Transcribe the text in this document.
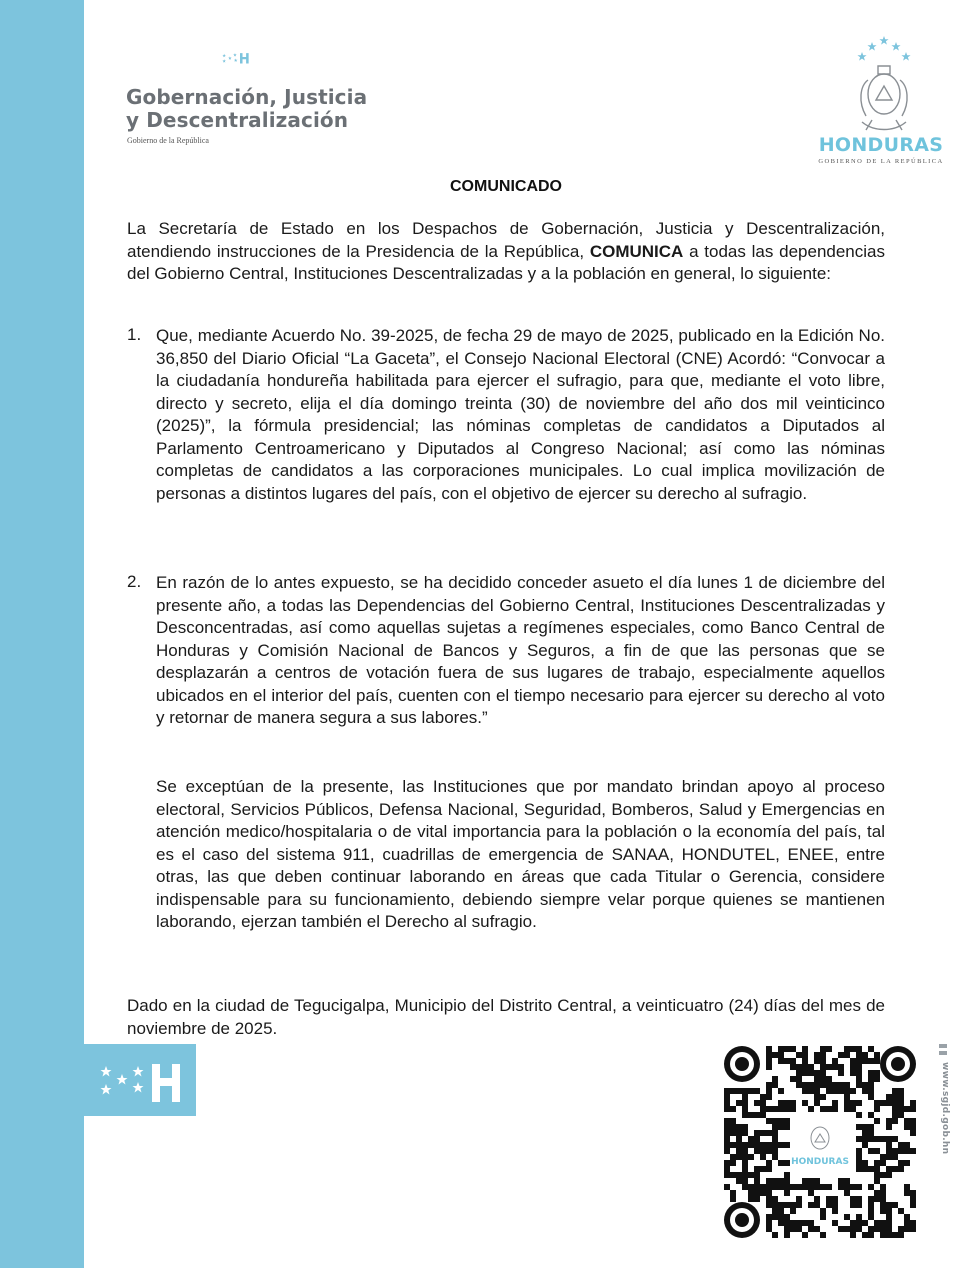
Gobernación, Justicia
y Descentralización
Gobierno de la República	HONDURAS
GOBIERNO DE LA REPÚBLICA
COMUNICADO
La Secretaría de Estado en los Despachos de Gobernación, Justicia y Descentralización, atendiendo instrucciones de la Presidencia de la República, COMUNICA a todas las dependencias del Gobierno Central, Instituciones Descentralizadas y a la población en general, lo siguiente:
1. Que, mediante Acuerdo No. 39-2025, de fecha 29 de mayo de 2025, publicado en la Edición No. 36,850 del Diario Oficial “La Gaceta”, el Consejo Nacional Electoral (CNE) Acordó: “Convocar a la ciudadanía hondureña habilitada para ejercer el sufragio, para que, mediante el voto libre, directo y secreto, elija el día domingo treinta (30) de noviembre del año dos mil veinticinco (2025)”, la fórmula presidencial; las nóminas completas de candidatos a Diputados al Parlamento Centroamericano y Diputados al Congreso Nacional; así como las nóminas completas de candidatos a las corporaciones municipales. Lo cual implica movilización de personas a distintos lugares del país, con el objetivo de ejercer su derecho al sufragio.
2. En razón de lo antes expuesto, se ha decidido conceder asueto el día lunes 1 de diciembre del presente año, a todas las Dependencias del Gobierno Central, Instituciones Descentralizadas y Desconcentradas, así como aquellas sujetas a regímenes especiales, como Banco Central de Honduras y Comisión Nacional de Bancos y Seguros, a fin de que las personas que se desplazarán a centros de votación fuera de sus lugares de trabajo, especialmente aquellos ubicados en el interior del país, cuenten con el tiempo necesario para ejercer su derecho al voto y retornar de manera segura a sus labores.”
Se exceptúan de la presente, las Instituciones que por mandato brindan apoyo al proceso electoral, Servicios Públicos, Defensa Nacional, Seguridad, Bomberos, Salud y Emergencias en atención medico/hospitalaria o de vital importancia para la población o la economía del país, tal es el caso del sistema 911, cuadrillas de emergencia de SANAA, HONDUTEL, ENEE, entre otras, las que deben continuar laborando en áreas que cada Titular o Gerencia, considere indispensable para su funcionamiento, debiendo siempre velar porque quienes se mantienen laborando, ejerzan también el Derecho al sufragio.
Dado en la ciudad de Tegucigalpa, Municipio del Distrito Central, a veinticuatro (24) días del mes de noviembre de 2025.
HONDURAS
www.sgjd.gob.hn
Centro Cívico Gubernamental, Torre 2
Tegucigalpa M.D.C., Honduras.
www.sgjd.gob.hn
